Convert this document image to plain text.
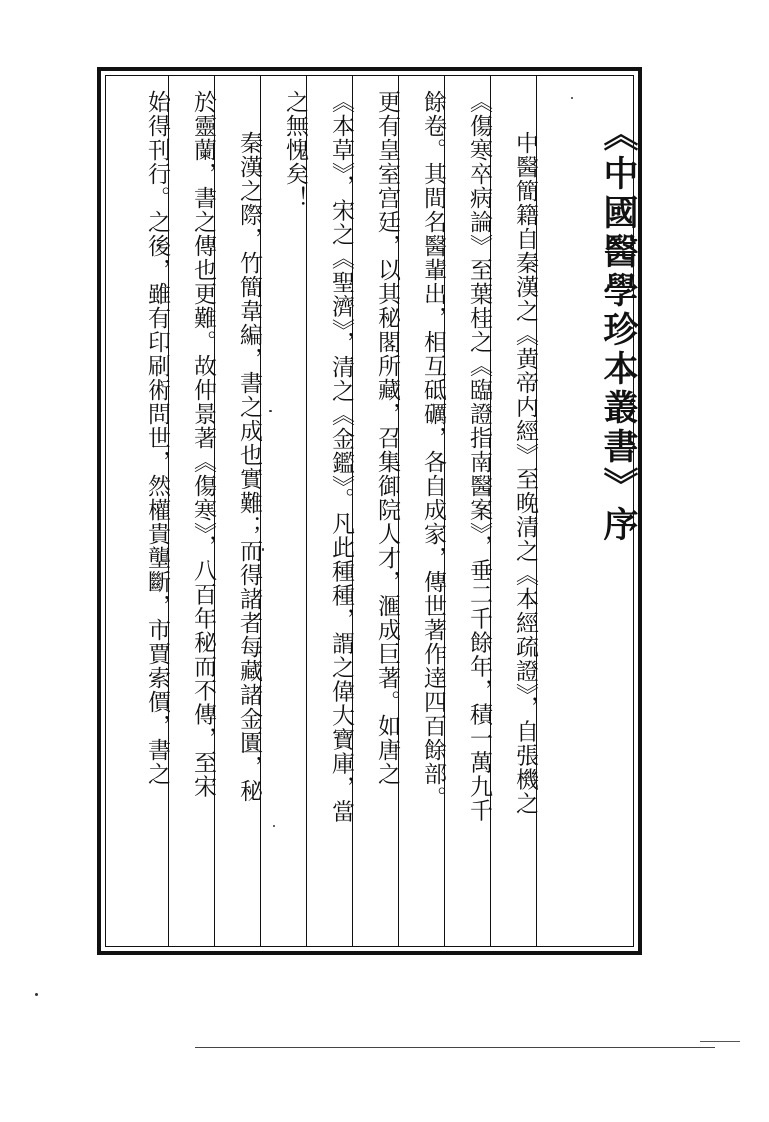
《中國醫學珍本叢書》序
中醫簡籍自秦漢之《黄帝内經》至晚清之《本經疏證》，自張機之
《傷寒卒病論》至葉桂之《臨證指南醫案》，垂二千餘年，積一萬九千
餘卷。其間名醫輩出，相互砥礪，各自成家，傳世著作逹四百餘部。
更有皇室宫廷，以其秘閣所藏，召集御院人才，滙成巨著。如唐之
《本草》，宋之《聖濟》，清之《金鑑》。凡此種種，謂之偉大寶庫，當
之無愧矣！
秦漢之際，竹簡韋編，書之成也實難；而得諸者每藏諸金匱，秘
於靈蘭，書之傳也更難。故仲景著《傷寒》，八百年秘而不傳，至宋
始得刊行。之後，雖有印刷術問世，然權貴壟斷，市賈索價，書之
